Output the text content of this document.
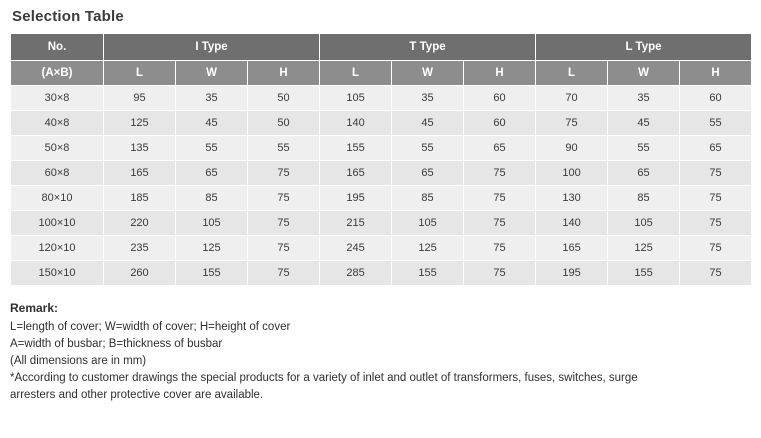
Selection Table
No.	I Type			T Type			L Type		
(A×B)	L	W	H	L	W	H	L	W	H
30×8	95	35	50	105	35	60	70	35	60
40×8	125	45	50	140	45	60	75	45	55
50×8	135	55	55	155	55	65	90	55	65
60×8	165	65	75	165	65	75	100	65	75
80×10	185	85	75	195	85	75	130	85	75
100×10	220	105	75	215	105	75	140	105	75
120×10	235	125	75	245	125	75	165	125	75
150×10	260	155	75	285	155	75	195	155	75
Remark:

L=length of cover; W=width of cover; H=height of cover

A=width of busbar; B=thickness of busbar

(All dimensions are in mm)

*According to customer drawings the special products for a variety of inlet and outlet of transformers, fuses, switches, surge

arresters and other protective cover are available.
